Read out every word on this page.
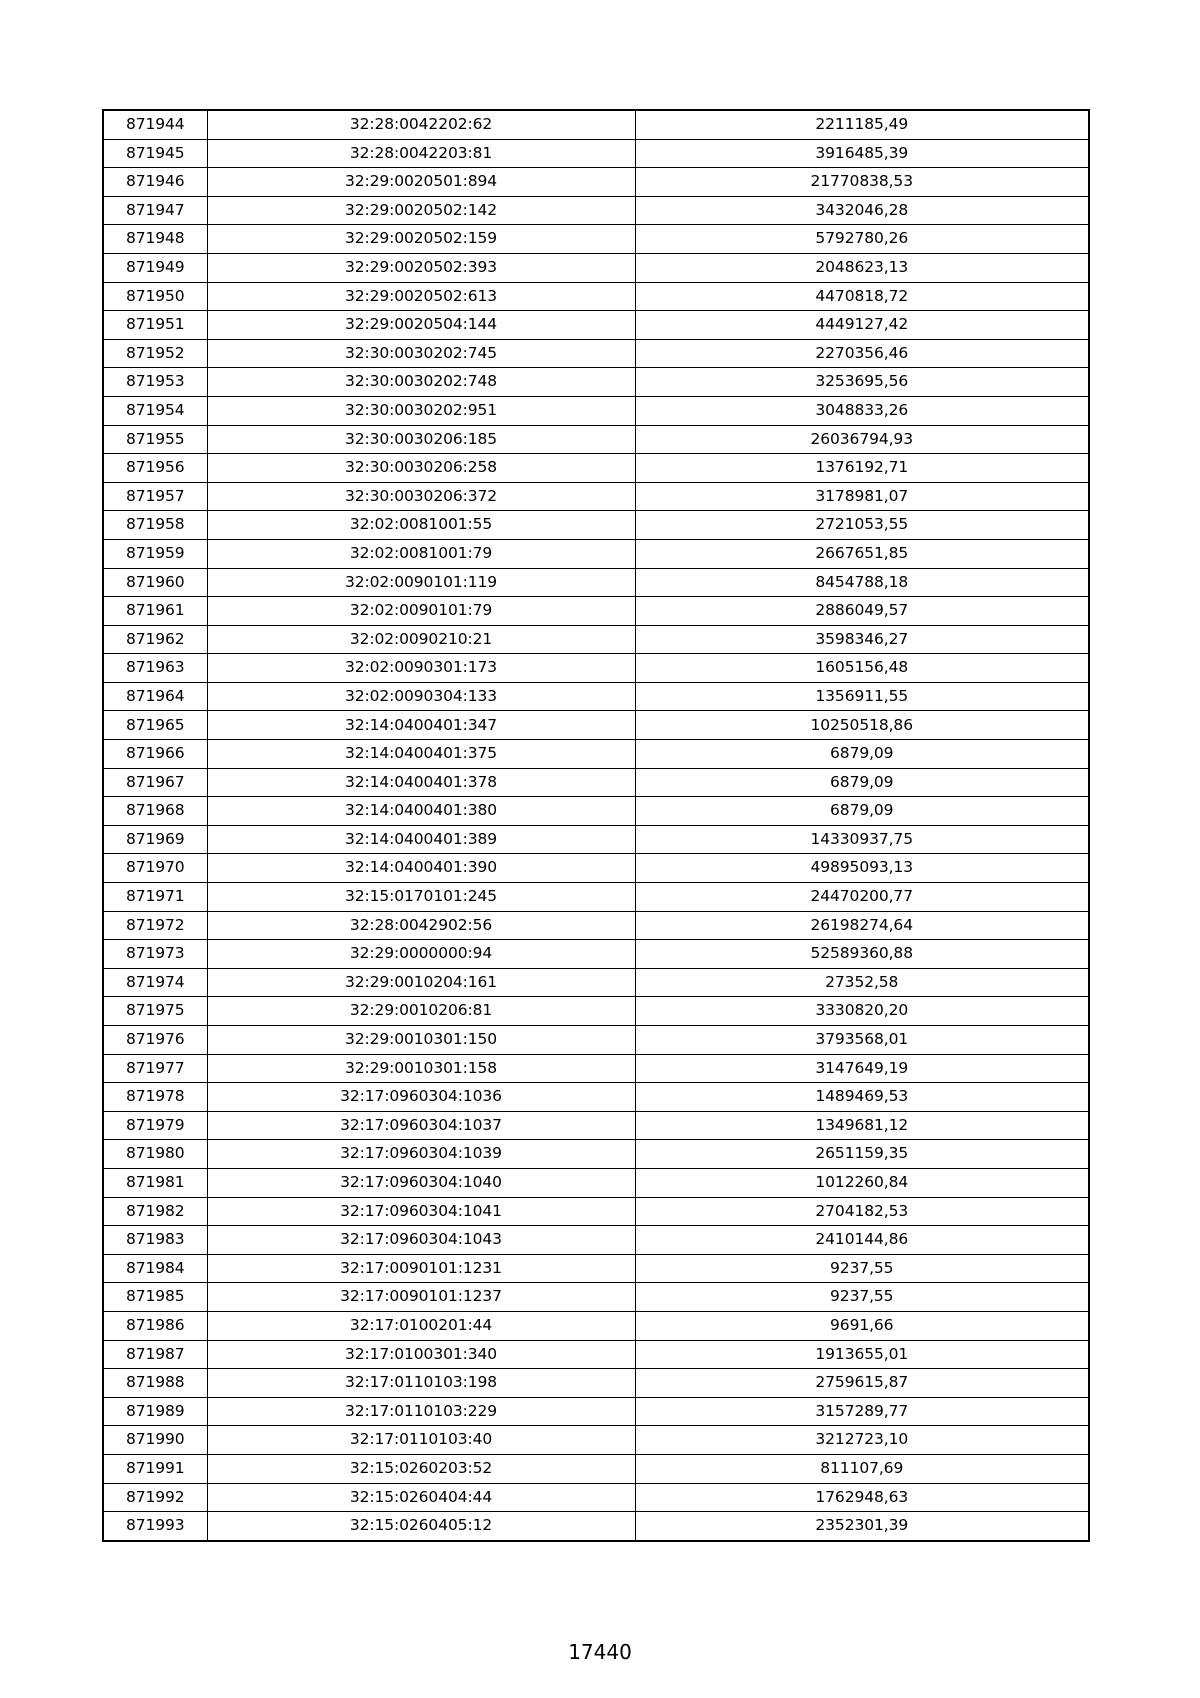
871944	32:28:0042202:62	2211185,49
871945	32:28:0042203:81	3916485,39
871946	32:29:0020501:894	21770838,53
871947	32:29:0020502:142	3432046,28
871948	32:29:0020502:159	5792780,26
871949	32:29:0020502:393	2048623,13
871950	32:29:0020502:613	4470818,72
871951	32:29:0020504:144	4449127,42
871952	32:30:0030202:745	2270356,46
871953	32:30:0030202:748	3253695,56
871954	32:30:0030202:951	3048833,26
871955	32:30:0030206:185	26036794,93
871956	32:30:0030206:258	1376192,71
871957	32:30:0030206:372	3178981,07
871958	32:02:0081001:55	2721053,55
871959	32:02:0081001:79	2667651,85
871960	32:02:0090101:119	8454788,18
871961	32:02:0090101:79	2886049,57
871962	32:02:0090210:21	3598346,27
871963	32:02:0090301:173	1605156,48
871964	32:02:0090304:133	1356911,55
871965	32:14:0400401:347	10250518,86
871966	32:14:0400401:375	6879,09
871967	32:14:0400401:378	6879,09
871968	32:14:0400401:380	6879,09
871969	32:14:0400401:389	14330937,75
871970	32:14:0400401:390	49895093,13
871971	32:15:0170101:245	24470200,77
871972	32:28:0042902:56	26198274,64
871973	32:29:0000000:94	52589360,88
871974	32:29:0010204:161	27352,58
871975	32:29:0010206:81	3330820,20
871976	32:29:0010301:150	3793568,01
871977	32:29:0010301:158	3147649,19
871978	32:17:0960304:1036	1489469,53
871979	32:17:0960304:1037	1349681,12
871980	32:17:0960304:1039	2651159,35
871981	32:17:0960304:1040	1012260,84
871982	32:17:0960304:1041	2704182,53
871983	32:17:0960304:1043	2410144,86
871984	32:17:0090101:1231	9237,55
871985	32:17:0090101:1237	9237,55
871986	32:17:0100201:44	9691,66
871987	32:17:0100301:340	1913655,01
871988	32:17:0110103:198	2759615,87
871989	32:17:0110103:229	3157289,77
871990	32:17:0110103:40	3212723,10
871991	32:15:0260203:52	811107,69
871992	32:15:0260404:44	1762948,63
871993	32:15:0260405:12	2352301,39
17440
